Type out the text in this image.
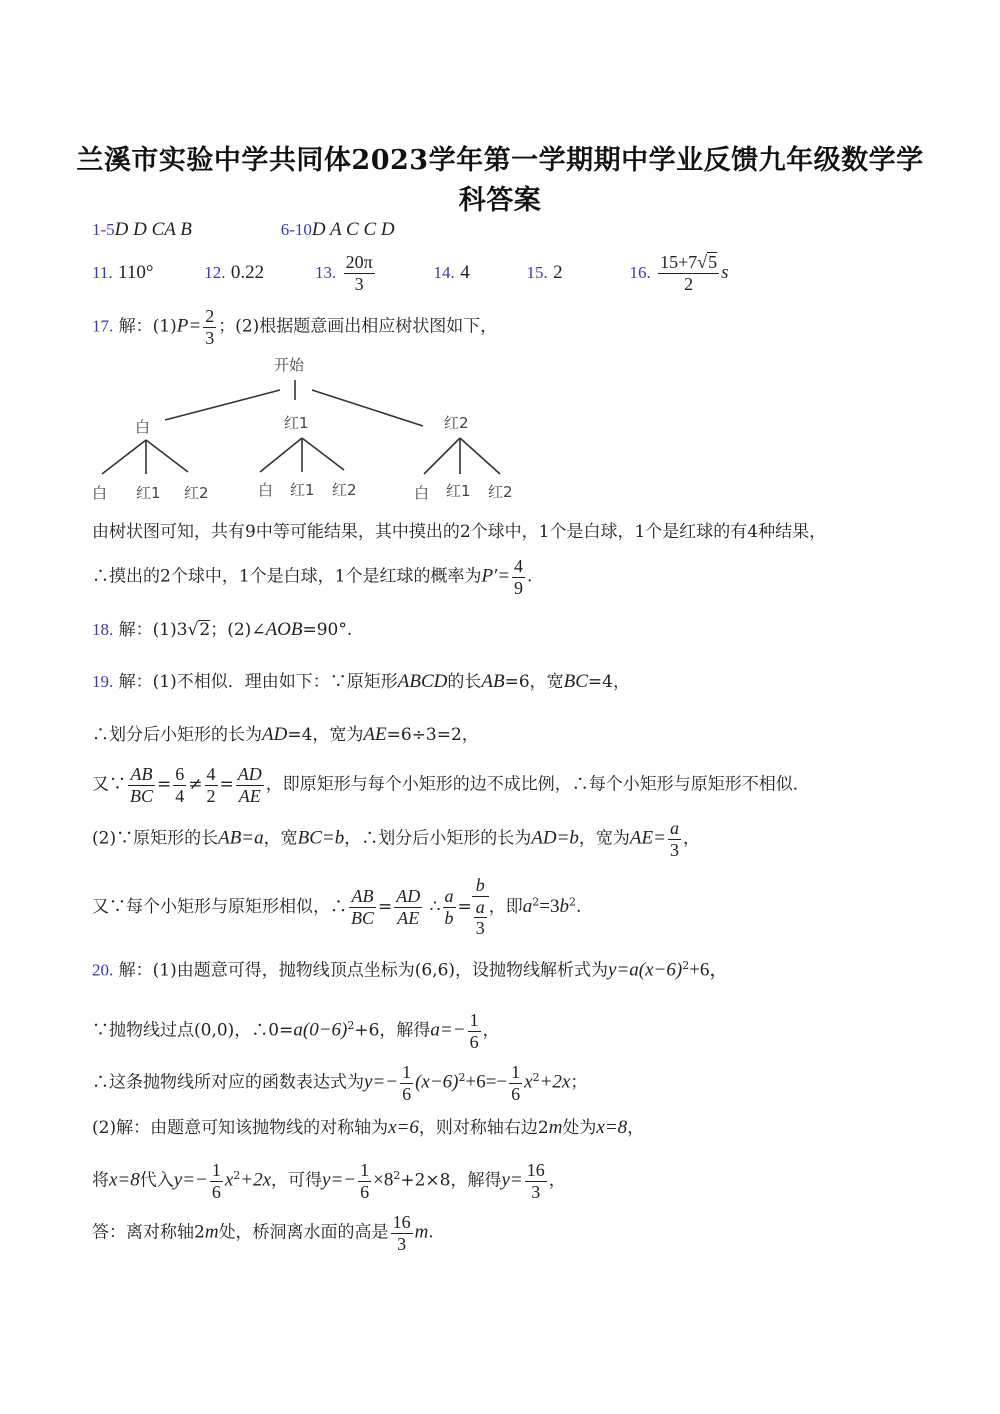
兰溪市实验中学共同体2023学年第一学期期中学业反馈九年级数学学
科答案
1-5D D CA B	6-10D A C C D
11. 110°	12. 0.22	13. $\frac{20\pi}{3}$	14. 4	15. 2	16. $\frac{15+7√5}{2}$ s
17. 解：$(1)P= \frac{2}{3}$ ；(2)根据题意画出相应树状图如下，
开始
白	红1	红2
白 红1 红2	白 红1 红2	白 红1 红2
由树状图可知，共有9中等可能结果，其中摸出的2个球中，1个是白球，1个是红球的有4种结果，
∴摸出的2个球中，1个是白球，1个是红球的概率为$P'= \frac{4}{9}$ .
18. 解：(1)3√2；(2)∠AOB=90°.
19. 解：(1)不相似．理由如下：∵原矩形ABCD的长AB=6，宽BC=4，
∴划分后小矩形的长为AD=4，宽为AE=6÷3=2，
又∵ $\frac{AB}{BC} = \frac{6}{4} \ne \frac{4}{2} = \frac{AD}{AE}$ ，即原矩形与每个小矩形的边不成比例，∴每个小矩形与原矩形不相似．
(2)∵原矩形的长AB=a，宽BC=b，∴划分后小矩形的长为AD=b，宽为$AE= \frac{a}{3}$ ，
又∵每个小矩形与原矩形相似，∴ $\frac{AB}{BC} = \frac{AD}{AE}$ ∴ $\frac{a}{b} = \frac{b}{\frac{a}{3}}$ ，即$a^2=3b^2$.
20. 解：(1)由题意可得，抛物线顶点坐标为(6,6)，设抛物线解析式为$y=a(x-6)^2+6$，
∵抛物线过点(0,0)，$\therefore 0=a(0-6)^2+6$，解得$a=- \frac{1}{6}$ ，
∴这条抛物线所对应的函数表达式为$y=- \frac{1}{6} (x-6)^2+6=- \frac{1}{6} x^2+2x$；
(2)解：由题意可知该抛物线的对称轴为x=6，则对称轴右边2m处为x=8，
将x=8代入$y=- \frac{1}{6} x^2+2x$，可得$y=- \frac{1}{6} \times 8^2+2\times 8$，解得$y= \frac{16}{3}$ ，
答：离对称轴2m处，桥洞离水面的高是 $\frac{16}{3} m$.
